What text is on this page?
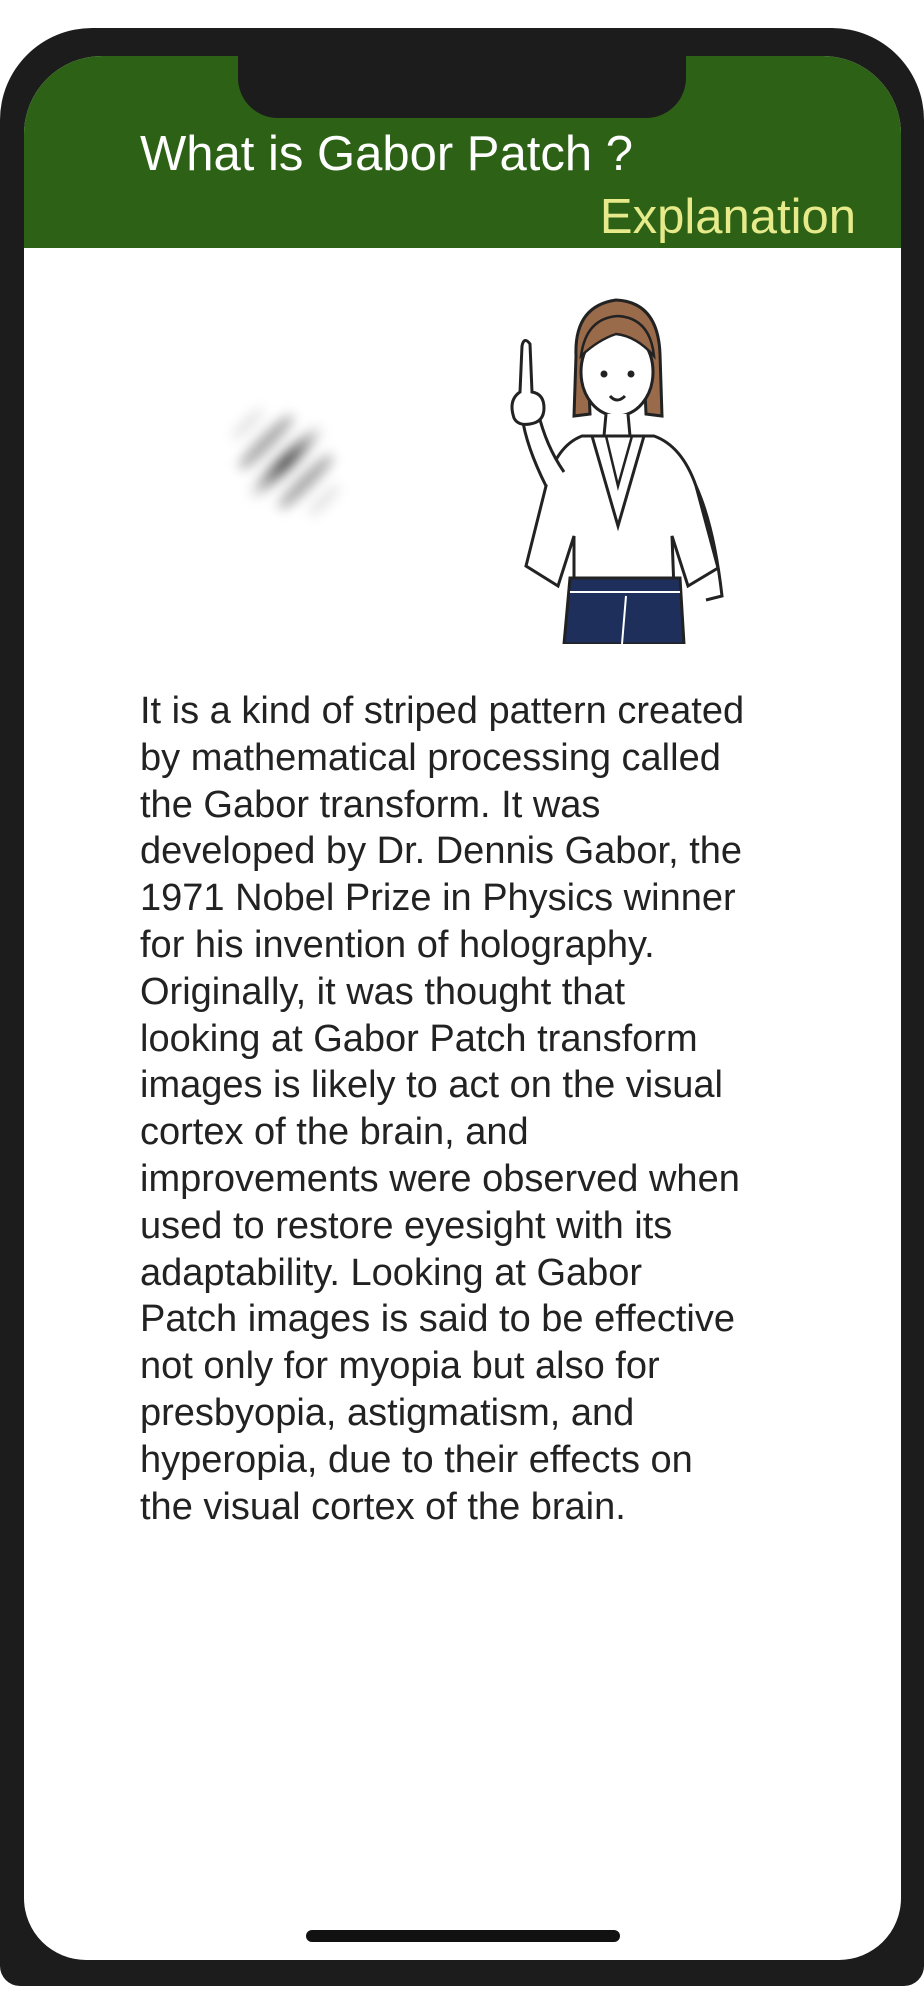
What is Gabor Patch ?
Explanation
It is a kind of striped pattern created
by mathematical processing called
the Gabor transform. It was
developed by Dr. Dennis Gabor, the
1971 Nobel Prize in Physics winner
for his invention of holography.
Originally, it was thought that
looking at Gabor Patch transform
images is likely to act on the visual
cortex of the brain, and
improvements were observed when
used to restore eyesight with its
adaptability. Looking at Gabor
Patch images is said to be effective
not only for myopia but also for
presbyopia, astigmatism, and
hyperopia, due to their effects on
the visual cortex of the brain.
